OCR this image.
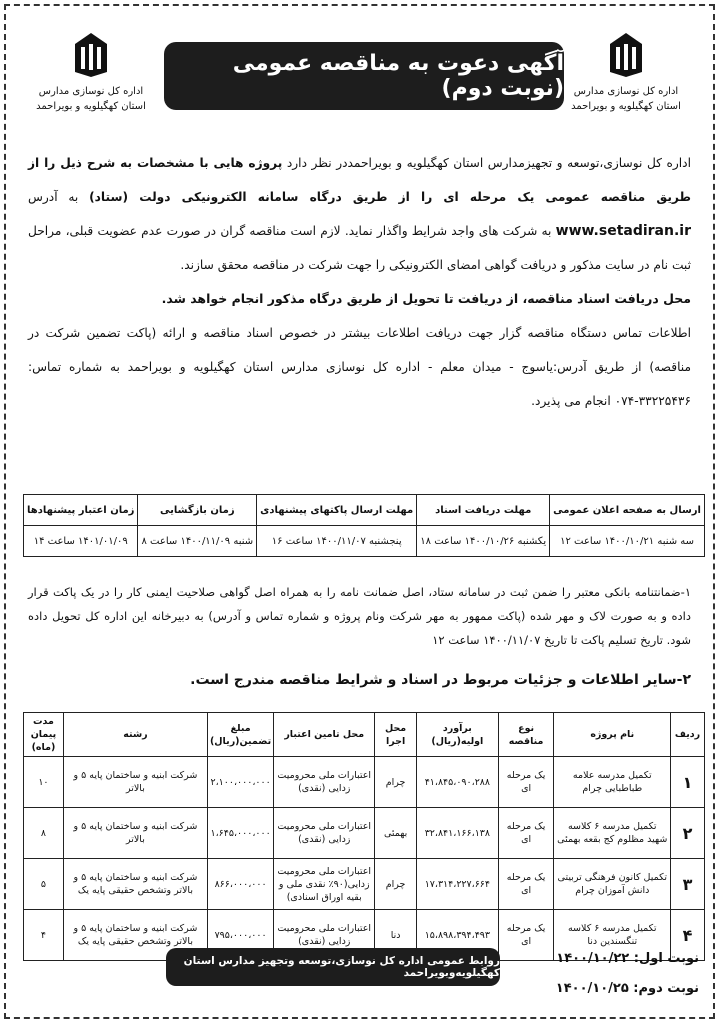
اداره کل نوسازی مدارس
استان کهگیلویه و بویراحمد
آگهی دعوت به مناقصه عمومی (نوبت دوم)
اداره کل نوسازی مدارس
استان کهگیلویه و بویراحمد

اداره کل نوسازی،توسعه و تجهیزمدارس استان کهگیلویه و بویراحمددر نظر دارد پروژه هایی با مشخصات به شرح ذیل را از طریق مناقصه عمومی یک مرحله ای را از طریق درگاه سامانه الکترونیکی دولت (ستاد) به آدرس www.setadiran.ir به شرکت های واجد شرایط واگذار نماید. لازم است مناقصه گران در صورت عدم عضویت قبلی، مراحل ثبت نام در سایت مذکور و دریافت گواهی امضای الکترونیکی را جهت شرکت در مناقصه محقق سازند.

محل دریافت اسناد مناقصه، از دریافت تا تحویل از طریق درگاه مذکور انجام خواهد شد.

اطلاعات تماس دستگاه مناقصه گزار جهت دریافت اطلاعات بیشتر در خصوص اسناد مناقصه و ارائه (پاکت تضمین شرکت در مناقصه) از طریق آدرس:یاسوج - میدان معلم - اداره کل نوسازی مدارس استان کهگیلویه و بویراحمد به شماره تماس: ۳۳۲۲۵۴۳۶-۰۷۴ انجام می پذیرد.

ارسال به صفحه اعلان عمومی	مهلت دریافت اسناد	مهلت ارسال پاکتهای پیشنهادی	زمان بازگشایی	زمان اعتبار پیشنهادها
سه شنبه ۱۴۰۰/۱۰/۲۱ ساعت ۱۲	یکشنبه ۱۴۰۰/۱۰/۲۶ ساعت ۱۸	پنجشنبه ۱۴۰۰/۱۱/۰۷ ساعت ۱۶	شنبه ۱۴۰۰/۱۱/۰۹ ساعت ۸	۱۴۰۱/۰۱/۰۹ ساعت ۱۴

۱-ضمانتنامه بانکی معتبر را ضمن ثبت در سامانه ستاد، اصل ضمانت نامه را به همراه اصل گواهی صلاحیت ایمنی کار را در یک پاکت قرار داده و به صورت لاک و مهر شده (پاکت ممهور به مهر شرکت ونام پروژه و شماره تماس و آدرس) به دبیرخانه این اداره کل تحویل داده شود. تاریخ تسلیم پاکت تا تاریخ ۱۴۰۰/۱۱/۰۷ ساعت ۱۲

۲-سایر اطلاعات و جزئیات مربوط در اسناد و شرایط مناقصه مندرج است.
ردیف	نام پروژه	نوع مناقصه	برآورد اولیه(ریال)	محل اجرا	محل تامین اعتبار	مبلغ تضمین(ریال)	رشته	مدت پیمان (ماه)
۱	تکمیل مدرسه علامه طباطبایی چرام	یک مرحله ای	۴۱،۸۴۵،۰۹۰،۲۸۸	چرام	اعتبارات ملی محرومیت زدایی (نقدی)	۲،۱۰۰،۰۰۰،۰۰۰	شرکت ابنیه و ساختمان پایه ۵ و بالاتر	۱۰
۲	تکمیل مدرسه ۶ کلاسه شهید مظلوم کج بقعه بهمئی	یک مرحله ای	۳۲،۸۴۱،۱۶۶،۱۳۸	بهمئی	اعتبارات ملی محرومیت زدایی (نقدی)	۱،۶۴۵،۰۰۰،۰۰۰	شرکت ابنیه و ساختمان پایه ۵ و بالاتر	۸
۳	تکمیل کانون فرهنگی تربیتی دانش آموزان چرام	یک مرحله ای	۱۷،۳۱۴،۲۲۷،۶۶۴	چرام	اعتبارات ملی محرومیت زدایی(۹۰٪ نقدی ملی و بقیه اوراق اسنادی)	۸۶۶،۰۰۰،۰۰۰	شرکت ابنیه و ساختمان پایه ۵ و بالاتر وتشخص حقیقی پایه یک	۵
۴	تکمیل مدرسه ۶ کلاسه تنگسندین دنا	یک مرحله ای	۱۵،۸۹۸،۳۹۴،۴۹۳	دنا	اعتبارات ملی محرومیت زدایی (نقدی)	۷۹۵،۰۰۰،۰۰۰	شرکت ابنیه و ساختمان پایه ۵ و بالاتر وتشخص حقیقی پایه یک	۴
روابط عمومی اداره کل نوسازی،توسعه وتجهیز مدارس استان کهگیلویه‌وبویراحمد
نوبت اول: ۱۴۰۰/۱۰/۲۲
نوبت دوم: ۱۴۰۰/۱۰/۲۵
